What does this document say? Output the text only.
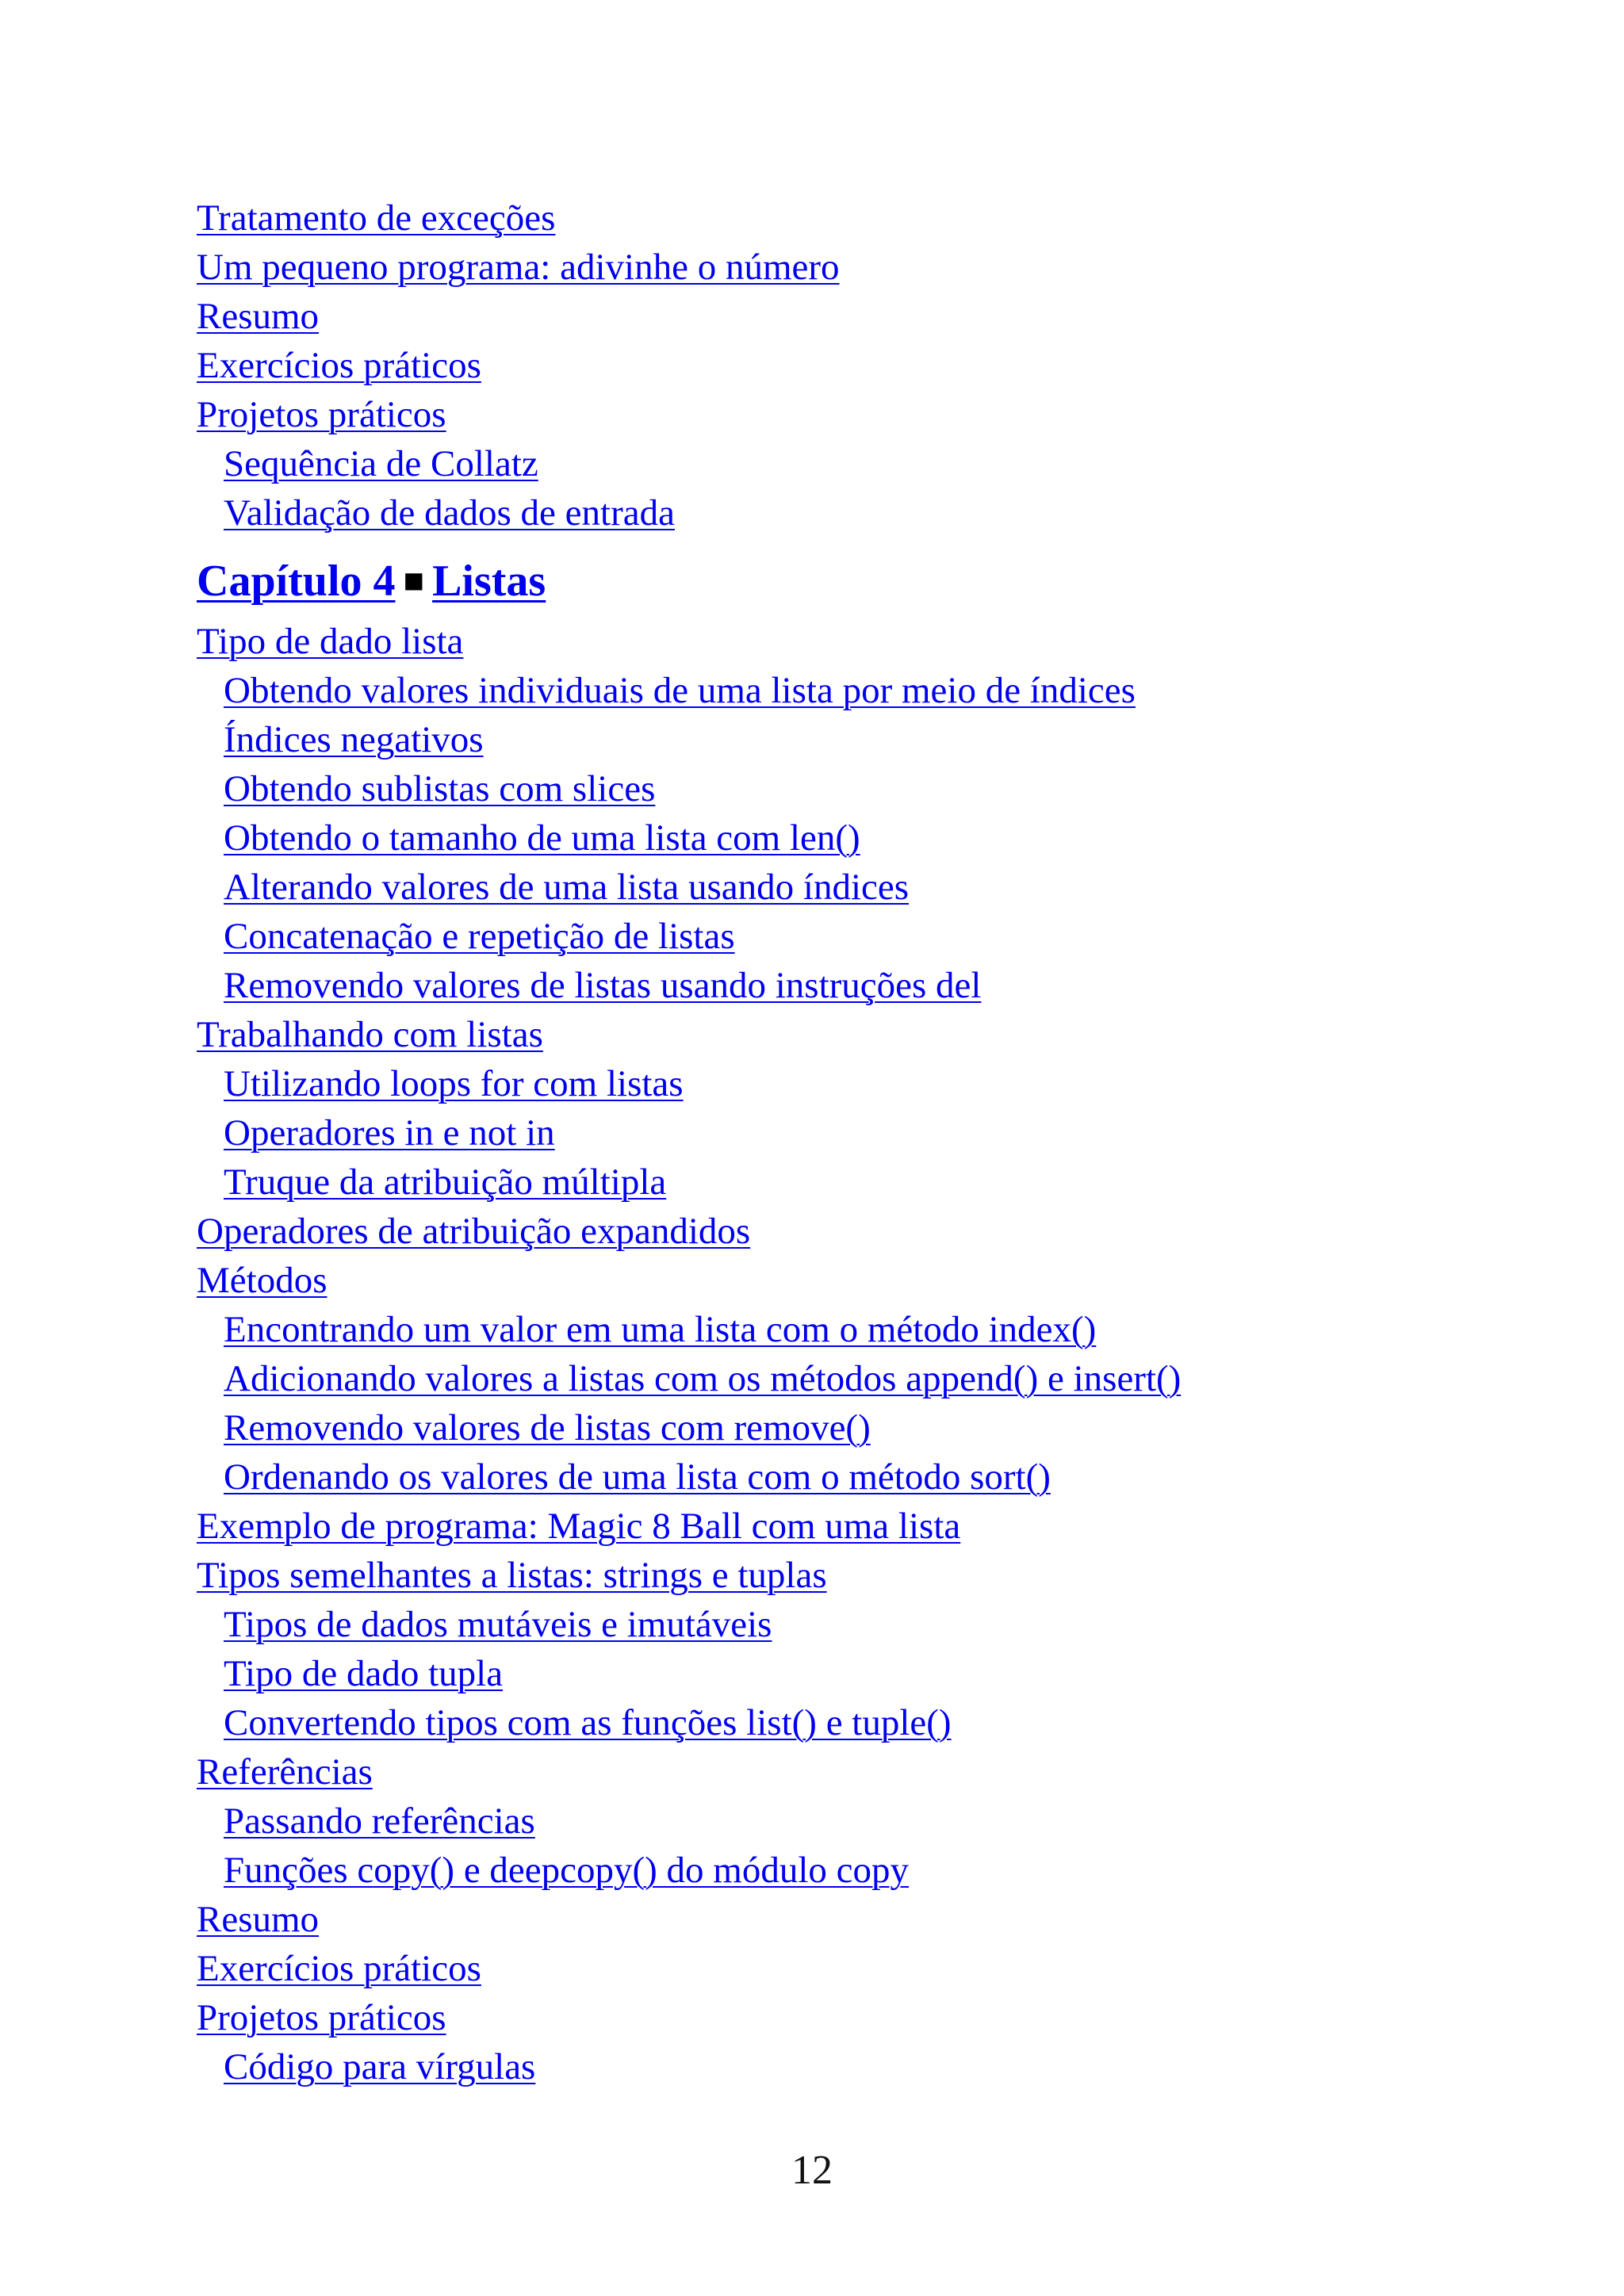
Tratamento de exceções
Um pequeno programa: adivinhe o número
Resumo
Exercícios práticos
Projetos práticos
Sequência de Collatz
Validação de dados de entrada
Capítulo 4 ■ Listas
Tipo de dado lista
Obtendo valores individuais de uma lista por meio de índices
Índices negativos
Obtendo sublistas com slices
Obtendo o tamanho de uma lista com len()
Alterando valores de uma lista usando índices
Concatenação e repetição de listas
Removendo valores de listas usando instruções del
Trabalhando com listas
Utilizando loops for com listas
Operadores in e not in
Truque da atribuição múltipla
Operadores de atribuição expandidos
Métodos
Encontrando um valor em uma lista com o método index()
Adicionando valores a listas com os métodos append() e insert()
Removendo valores de listas com remove()
Ordenando os valores de uma lista com o método sort()
Exemplo de programa: Magic 8 Ball com uma lista
Tipos semelhantes a listas: strings e tuplas
Tipos de dados mutáveis e imutáveis
Tipo de dado tupla
Convertendo tipos com as funções list() e tuple()
Referências
Passando referências
Funções copy() e deepcopy() do módulo copy
Resumo
Exercícios práticos
Projetos práticos
Código para vírgulas
12
